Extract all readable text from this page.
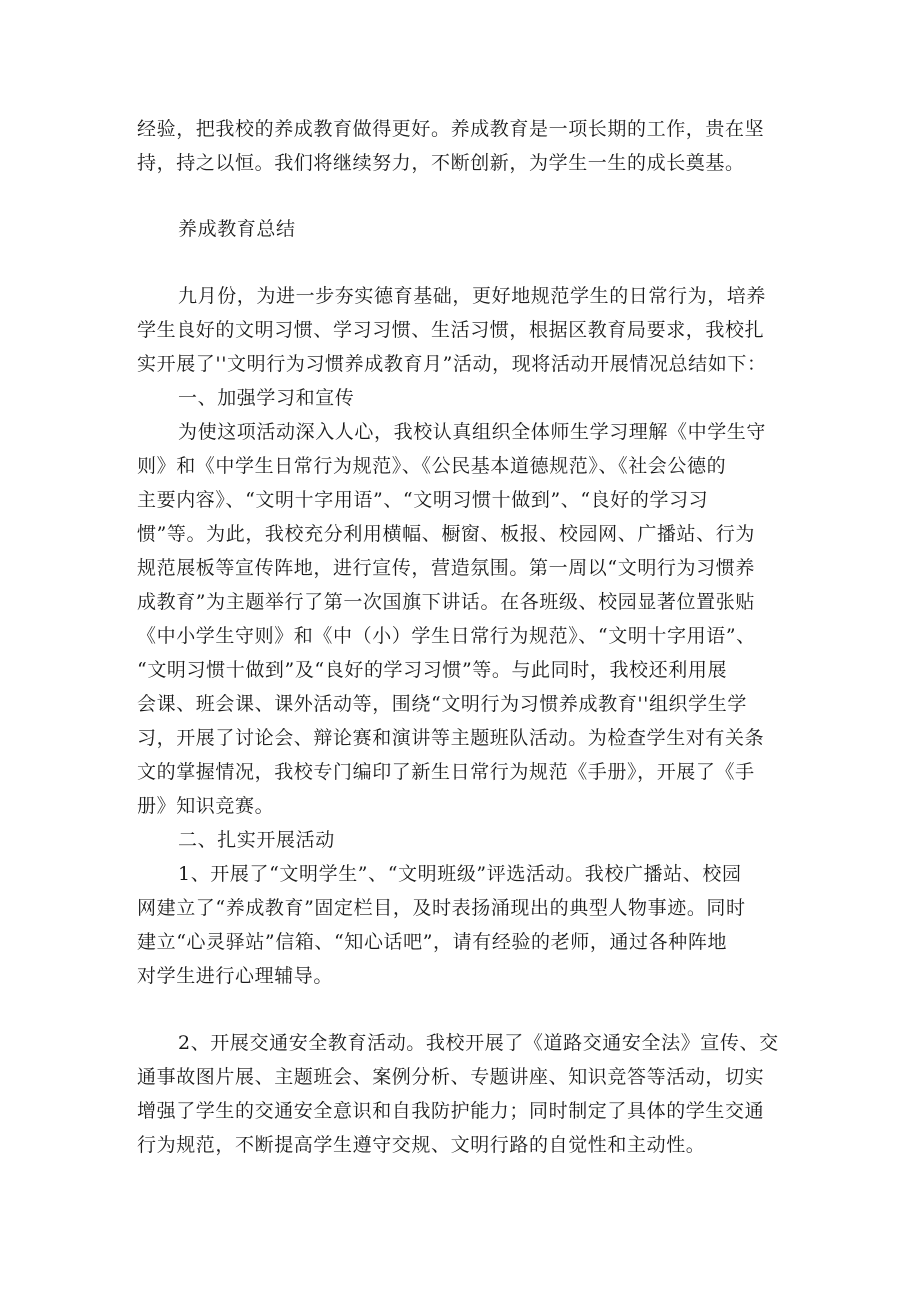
经验，把我校的养成教育做得更好。养成教育是一项长期的工作，贵在坚

持，持之以恒。我们将继续努力，不断创新，为学生一生的成长奠基。

养成教育总结

九月份，为进一步夯实德育基础，更好地规范学生的日常行为，培养

学生良好的文明习惯、学习习惯、生活习惯，根据区教育局要求，我校扎

实开展了''文明行为习惯养成教育月”活动，现将活动开展情况总结如下：

一、加强学习和宣传

为使这项活动深入人心，我校认真组织全体师生学习理解《中学生守

则》和《中学生日常行为规范》、《公民基本道德规范》、《社会公德的

主要内容》、“文明十字用语”、“文明习惯十做到”、“良好的学习习

惯”等。为此，我校充分利用横幅、橱窗、板报、校园网、广播站、行为

规范展板等宣传阵地，进行宣传，营造氛围。第一周以“文明行为习惯养

成教育”为主题举行了第一次国旗下讲话。在各班级、校园显著位置张贴

《中小学生守则》和《中（小）学生日常行为规范》、“文明十字用语”、

“文明习惯十做到”及“良好的学习习惯”等。与此同时，我校还利用展

会课、班会课、课外活动等，围绕“文明行为习惯养成教育''组织学生学

习，开展了讨论会、辩论赛和演讲等主题班队活动。为检查学生对有关条

文的掌握情况，我校专门编印了新生日常行为规范《手册》，开展了《手

册》知识竞赛。

二、扎实开展活动

1、开展了“文明学生”、“文明班级”评选活动。我校广播站、校园

网建立了“养成教育”固定栏目，及时表扬涌现出的典型人物事迹。同时

建立“心灵驿站”信箱、“知心话吧”，请有经验的老师，通过各种阵地

对学生进行心理辅导。

2、开展交通安全教育活动。我校开展了《道路交通安全法》宣传、交

通事故图片展、主题班会、案例分析、专题讲座、知识竞答等活动，切实

增强了学生的交通安全意识和自我防护能力；同时制定了具体的学生交通

行为规范，不断提高学生遵守交规、文明行路的自觉性和主动性。
